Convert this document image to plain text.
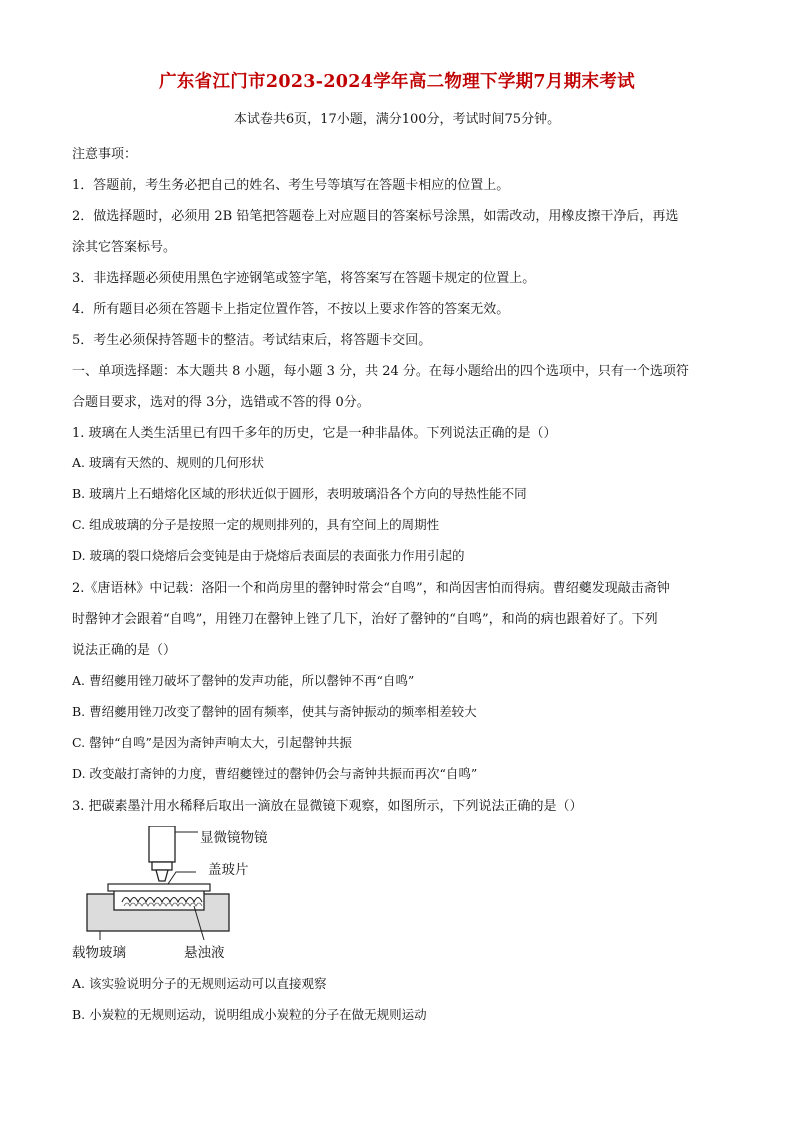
广东省江门市2023-2024学年高二物理下学期7月期末考试
本试卷共6页，17小题，满分100分，考试时间75分钟。
注意事项：
1．答题前，考生务必把自己的姓名、考生号等填写在答题卡相应的位置上。
2．做选择题时，必须用 2B 铅笔把答题卷上对应题目的答案标号涂黑，如需改动，用橡皮擦干净后，再选
涂其它答案标号。
3．非选择题必须使用黑色字迹钢笔或签字笔，将答案写在答题卡规定的位置上。
4．所有题目必须在答题卡上指定位置作答，不按以上要求作答的答案无效。
5．考生必须保持答题卡的整洁。考试结束后，将答题卡交回。
一、单项选择题：本大题共 8 小题，每小题 3 分，共 24 分。在每小题给出的四个选项中，只有一个选项符
合题目要求，选对的得 3分，选错或不答的得 0分。
1. 玻璃在人类生活里已有四千多年的历史，它是一种非晶体。下列说法正确的是（）
A. 玻璃有天然的、规则的几何形状
B. 玻璃片上石蜡熔化区域的形状近似于圆形，表明玻璃沿各个方向的导热性能不同
C. 组成玻璃的分子是按照一定的规则排列的，具有空间上的周期性
D. 玻璃的裂口烧熔后会变钝是由于烧熔后表面层的表面张力作用引起的
2.《唐语林》中记载：洛阳一个和尚房里的罄钟时常会“自鸣”，和尚因害怕而得病。曹绍夔发现敲击斋钟
时罄钟才会跟着“自鸣”，用锉刀在罄钟上锉了几下，治好了罄钟的“自鸣”，和尚的病也跟着好了。下列
说法正确的是（）
A. 曹绍夔用锉刀破坏了罄钟的发声功能，所以罄钟不再“自鸣”
B. 曹绍夔用锉刀改变了罄钟的固有频率，使其与斋钟振动的频率相差较大
C. 罄钟“自鸣”是因为斋钟声响太大，引起罄钟共振
D. 改变敲打斋钟的力度，曹绍夔锉过的罄钟仍会与斋钟共振而再次“自鸣”
3. 把碳素墨汁用水稀释后取出一滴放在显微镜下观察，如图所示，下列说法正确的是（）
显微镜物镜
盖玻片
载物玻璃	悬浊液
A. 该实验说明分子的无规则运动可以直接观察
B. 小炭粒的无规则运动，说明组成小炭粒的分子在做无规则运动
